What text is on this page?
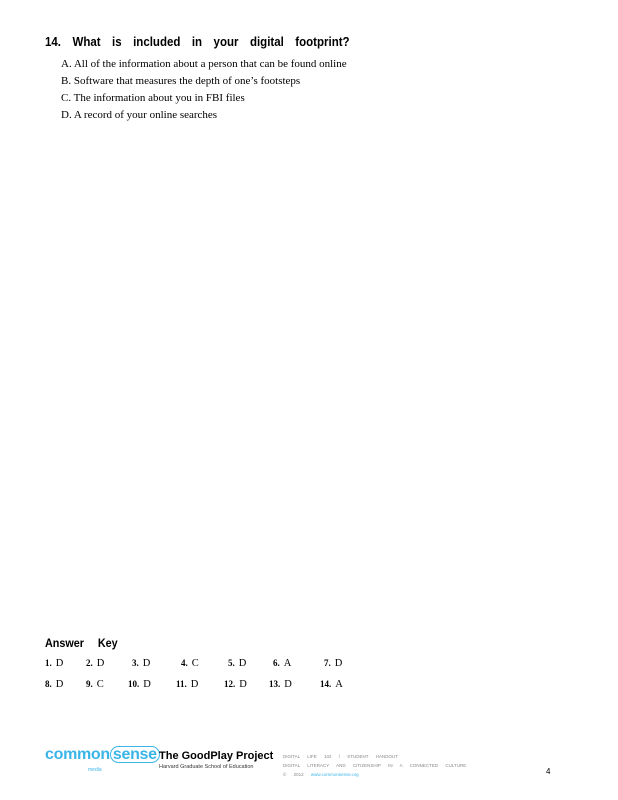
14. What is included in your digital footprint?
A. All of the information about a person that can be found online
B. Software that measures the depth of one’s footsteps
C. The information about you in FBI files
D. A record of your online searches
Answer Key
1. D	2. D	3. D	4. C	5. D	6. A	7. D
8. D	9. C	10. D	11. D	12. D 13. D	14. A
common sense
media
The GoodPlay Project
Harvard Graduate School of Education
DIGITAL LIFE 102 / STUDENT HANDOUT
DIGITAL LITERACY AND CITIZENSHIP IN A CONNECTED CULTURE
© 2012 www.commonsense.org	4
